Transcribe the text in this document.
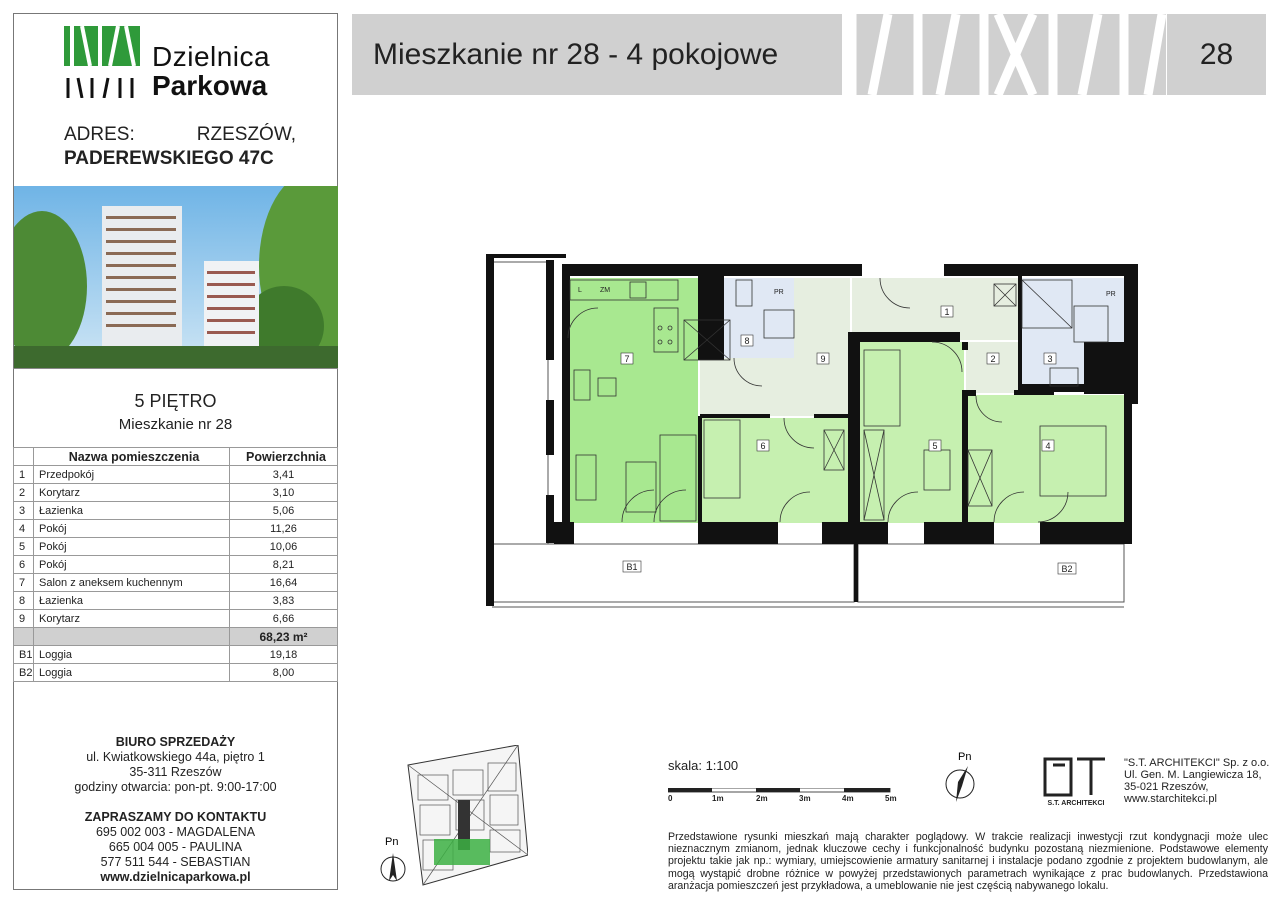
Dzielnica
Parkowa
ADRES:	RZESZÓW,
PADEREWSKIEGO 47C
5 PIĘTRO
Mieszkanie nr 28
	Nazwa pomieszczenia	Powierzchnia
1	Przedpokój	3,41
2	Korytarz	3,10
3	Łazienka	5,06
4	Pokój	11,26
5	Pokój	10,06
6	Pokój	8,21
7	Salon z aneksem kuchennym	16,64
8	Łazienka	3,83
9	Korytarz	6,66
		68,23 m²
B1	Loggia	19,18
B2	Loggia	8,00
BIURO SPRZEDAŻY
ul. Kwiatkowskiego 44a, piętro 1
35-311 Rzeszów
godziny otwarcia: pon-pt. 9:00-17:00
ZAPRASZAMY DO KONTAKTU
695 002 003 - MAGDALENA
665 004 005 - PAULINA
577 511 544 - SEBASTIAN
www.dzielnicaparkowa.pl
Mieszkanie nr 28 - 4 pokojowe	28
1
2	3
4
5
6
7
8
9
B1	B2
L	ZM	PR	PR
Pn
skala: 1:100
0	1m	2m	3m	4m	5m
Pn
S.T. ARCHITEKCI
"S.T. ARCHITEKCI" Sp. z o.o.
Ul. Gen. M. Langiewicza 18,
35-021 Rzeszów,
www.starchitekci.pl
Przedstawione rysunki mieszkań mają charakter poglądowy. W trakcie realizacji inwestycji rzut kondygnacji może ulec nieznacznym zmianom, jednak kluczowe cechy i funkcjonalność budynku pozostaną niezmienione. Podstawowe elementy projektu takie jak np.: wymiary, umiejscowienie armatury sanitarnej i instalacje podano zgodnie z projektem budowlanym, ale mogą wystąpić drobne różnice w powyżej przedstawionych parametrach wynikające z prac budowlanych. Przedstawiona aranżacja pomieszczeń jest przykładowa, a umeblowanie nie jest częścią nabywanego lokalu.
